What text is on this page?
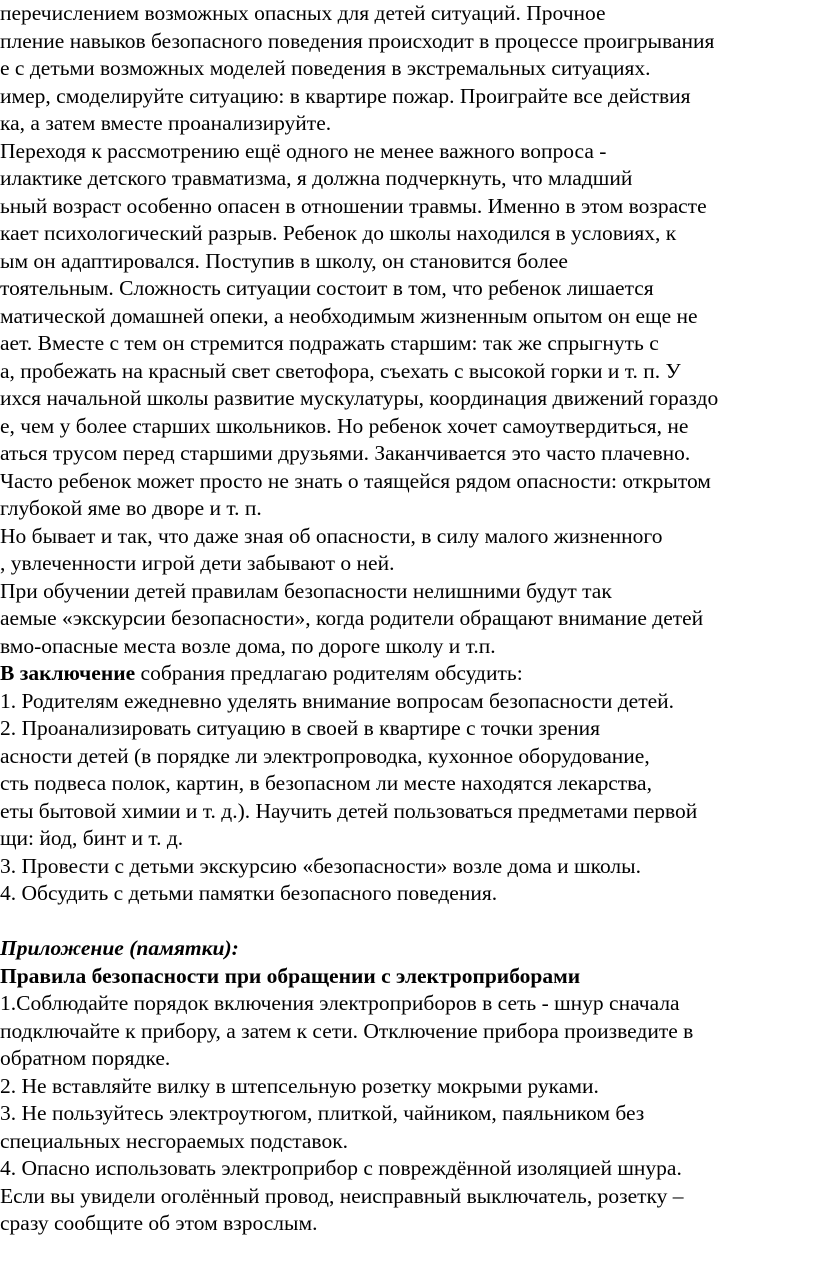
перечислением возможных опасных для детей ситуаций. Прочное
пление навыков безопасного поведения происходит в процессе проигрывания
е с детьми возможных моделей поведения в экстремальных ситуациях.
имер, смоделируйте ситуацию: в квартире пожар. Проиграйте все действия
ка, а затем вместе проанализируйте.
Переходя к рассмотрению ещё одного не менее важного вопроса -
илактике детского травматизма, я должна подчеркнуть, что младший
ьный возраст особенно опасен в отношении травмы. Именно в этом возрасте
кает психологический разрыв. Ребенок до школы находился в условиях, к
ым он адаптировался. Поступив в школу, он становится более
тоятельным. Сложность ситуации состоит в том, что ребенок лишается
матической домашней опеки, а необходимым жизненным опытом он еще не
ает. Вместе с тем он стремится подражать старшим: так же спрыгнуть с
а, пробежать на красный свет светофора, съехать с высокой горки и т. п. У
ихся начальной школы развитие мускулатуры, координация движений гораздо
е, чем у более старших школьников. Но ребенок хочет самоутвердиться, не
аться трусом перед старшими друзьями. Заканчивается это часто плачевно.
Часто ребенок может просто не знать о таящейся рядом опасности: открытом
глубокой яме во дворе и т. п.
Но бывает и так, что даже зная об опасности, в силу малого жизненного
, увлеченности игрой дети забывают о ней.
При обучении детей правилам безопасности нелишними будут так
аемые «экскурсии безопасности», когда родители обращают внимание детей
вмо-опасные места возле дома, по дороге школу и т.п.
В заключение собрания предлагаю родителям обсудить:
1. Родителям ежедневно уделять внимание вопросам безопасности детей.
2. Проанализировать ситуацию в своей в квартире с точки зрения
асности детей (в порядке ли электропроводка, кухонное оборудование,
сть подвеса полок, картин, в безопасном ли месте находятся лекарства,
еты бытовой химии и т. д.). Научить детей пользоваться предметами первой
щи: йод, бинт и т. д.
3. Провести с детьми экскурсию «безопасности» возле дома и школы.
4. Обсудить с детьми памятки безопасного поведения.
Приложение (памятки):
Правила безопасности при обращении с электроприборами
1.Соблюдайте порядок включения электроприборов в сеть - шнур сначала
подключайте к прибору, а затем к сети. Отключение прибора произведите в
обратном порядке.
2. Не вставляйте вилку в штепсельную розетку мокрыми руками.
3. Не пользуйтесь электроутюгом, плиткой, чайником, паяльником без
специальных несгораемых подставок.
4. Опасно использовать электроприбор с повреждённой изоляцией шнура.
Если вы увидели оголённый провод, неисправный выключатель, розетку –
сразу сообщите об этом взрослым.
